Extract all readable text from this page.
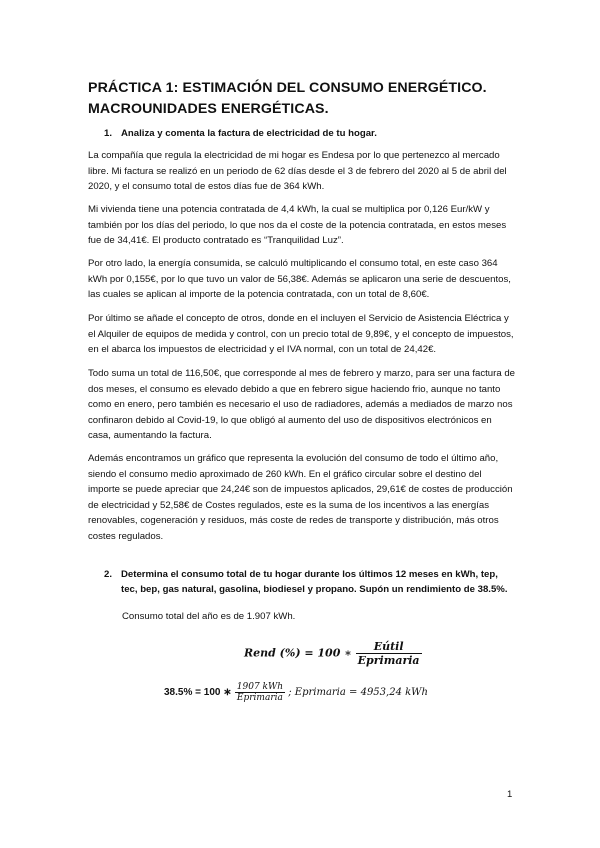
PRÁCTICA 1: ESTIMACIÓN DEL CONSUMO ENERGÉTICO. MACROUNIDADES ENERGÉTICAS.
1. Analiza y comenta la factura de electricidad de tu hogar.
La compañía que regula la electricidad de mi hogar es Endesa por lo que pertenezco al mercado libre. Mi factura se realizó en un periodo de 62 días desde el 3 de febrero del 2020 al 5 de abril del 2020, y el consumo total de estos días fue de 364 kWh.
Mi vivienda tiene una potencia contratada de 4,4 kWh, la cual se multiplica por 0,126 Eur/kW y también por los días del periodo, lo que nos da el coste de la potencia contratada, en estos meses fue de 34,41€. El producto contratado es “Tranquilidad Luz”.
Por otro lado, la energía consumida, se calculó multiplicando el consumo total, en este caso 364 kWh por 0,155€, por lo que tuvo un valor de 56,38€. Además se aplicaron una serie de descuentos, las cuales se aplican al importe de la potencia contratada, con un total de 8,60€.
Por último se añade el concepto de otros, donde en el incluyen el Servicio de Asistencia Eléctrica y el Alquiler de equipos de medida y control, con un precio total de 9,89€, y el concepto de impuestos, en el abarca los impuestos de electricidad y el IVA normal, con un total de 24,42€.
Todo suma un total de 116,50€, que corresponde al mes de febrero y marzo, para ser una factura de dos meses, el consumo es elevado debido a que en febrero sigue haciendo frio, aunque no tanto como en enero, pero también es necesario el uso de radiadores, además a mediados de marzo nos confinaron debido al Covid-19, lo que obligó al aumento del uso de dispositivos electrónicos en casa, aumentando la factura.
Además encontramos un gráfico que representa la evolución del consumo de todo el último año, siendo el consumo medio aproximado de 260 kWh. En el gráfico circular sobre el destino del importe se puede apreciar que 24,24€ son de impuestos aplicados, 29,61€ de costes de producción de electricidad y 52,58€ de Costes regulados, este es la suma de los incentivos a las energías renovables, cogeneración y residuos, más coste de redes de transporte y distribución, más otros costes regulados.
2. Determina el consumo total de tu hogar durante los últimos 12 meses en kWh, tep, tec, bep, gas natural, gasolina, biodiesel y propano. Supón un rendimiento de 38.5%.
Consumo total del año es de 1.907 kWh.
Rend (%) = 100 ∗ $\frac{\text{Eútil}}{\text{Eprimaria}}$
38.5% = 100 ∗ $\frac{\text{1907 kWh}}{\text{Eprimaria}}$ ; Eprimaria = 4953,24 kWh
1
